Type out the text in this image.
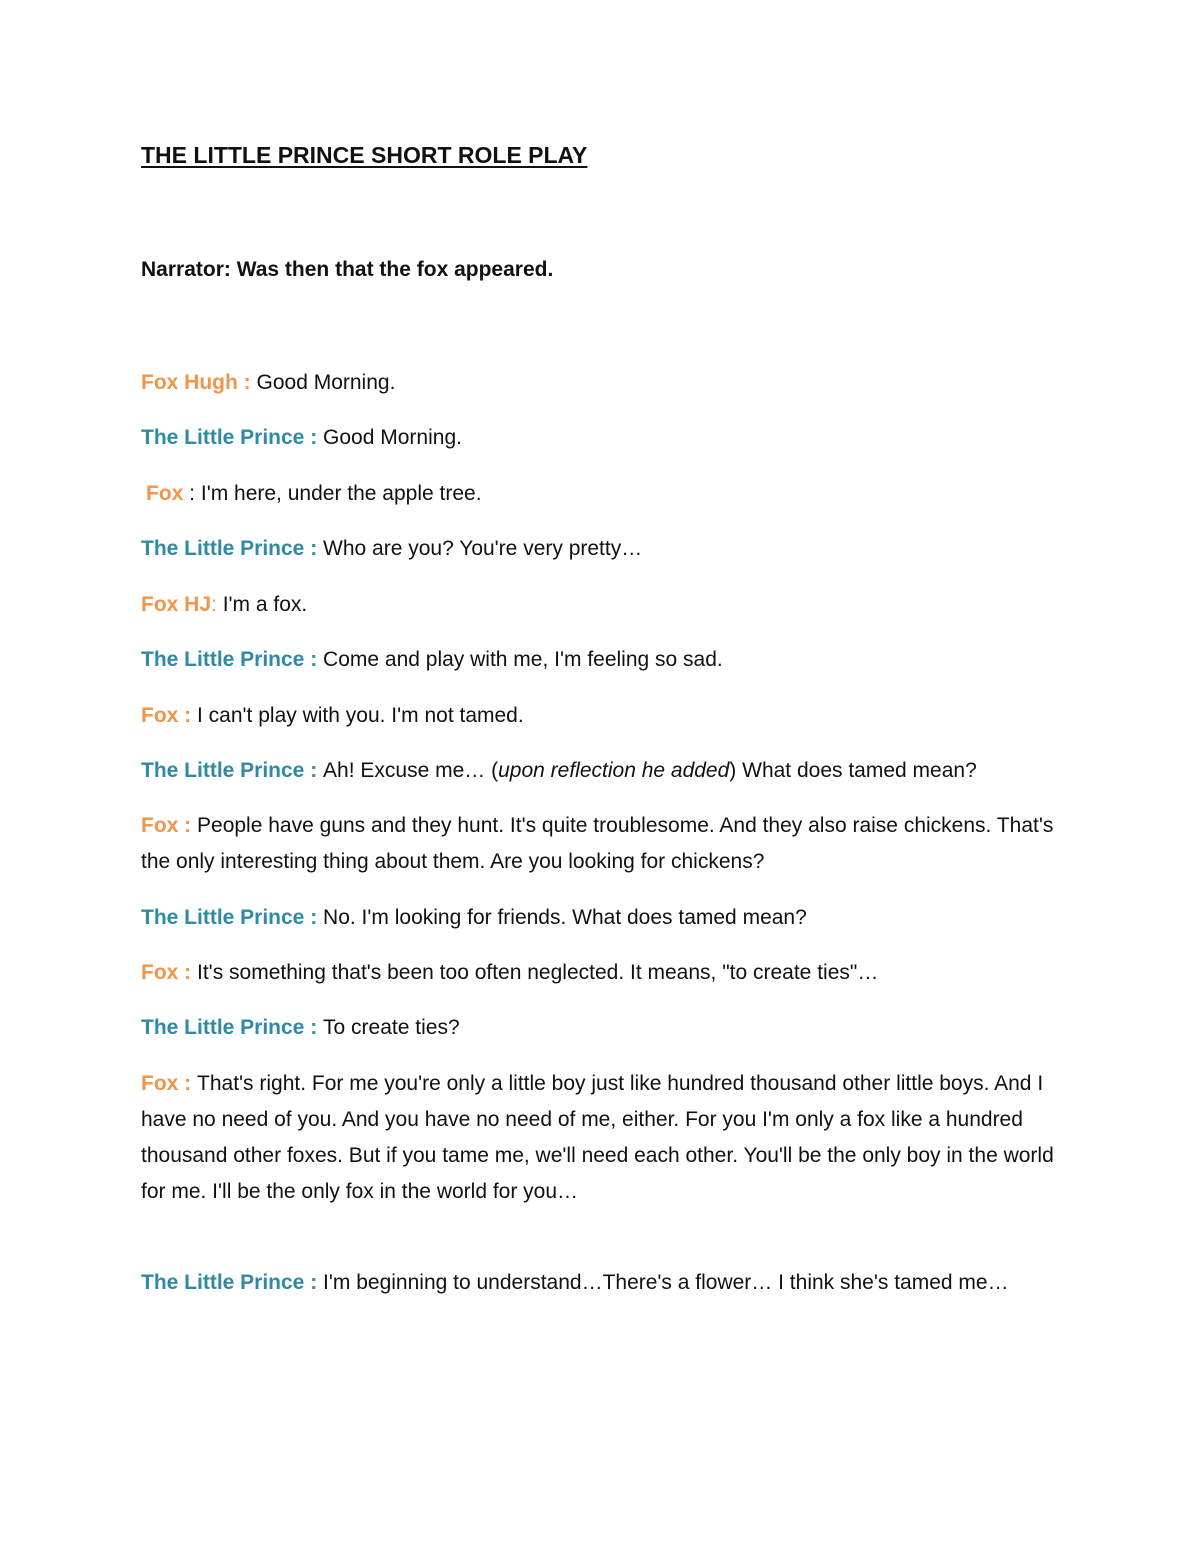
THE LITTLE PRINCE SHORT ROLE PLAY
Narrator: Was then that the fox appeared.
Fox Hugh : Good Morning.
The Little Prince : Good Morning.
Fox : I'm here, under the apple tree.
The Little Prince : Who are you? You're very pretty…
Fox HJ: I'm a fox.
The Little Prince : Come and play with me, I'm feeling so sad.
Fox : I can't play with you. I'm not tamed.
The Little Prince : Ah! Excuse me… (upon reflection he added) What does tamed mean?
Fox : People have guns and they hunt. It's quite troublesome. And they also raise chickens. That's the only interesting thing about them. Are you looking for chickens?
The Little Prince : No. I'm looking for friends. What does tamed mean?
Fox : It's something that's been too often neglected. It means, "to create ties"…
The Little Prince : To create ties?
Fox : That's right. For me you're only a little boy just like hundred thousand other little boys. And I have no need of you. And you have no need of me, either. For you I'm only a fox like a hundred thousand other foxes. But if you tame me, we'll need each other. You'll be the only boy in the world for me. I'll be the only fox in the world for you…
The Little Prince : I'm beginning to understand…There's a flower… I think she's tamed me…
